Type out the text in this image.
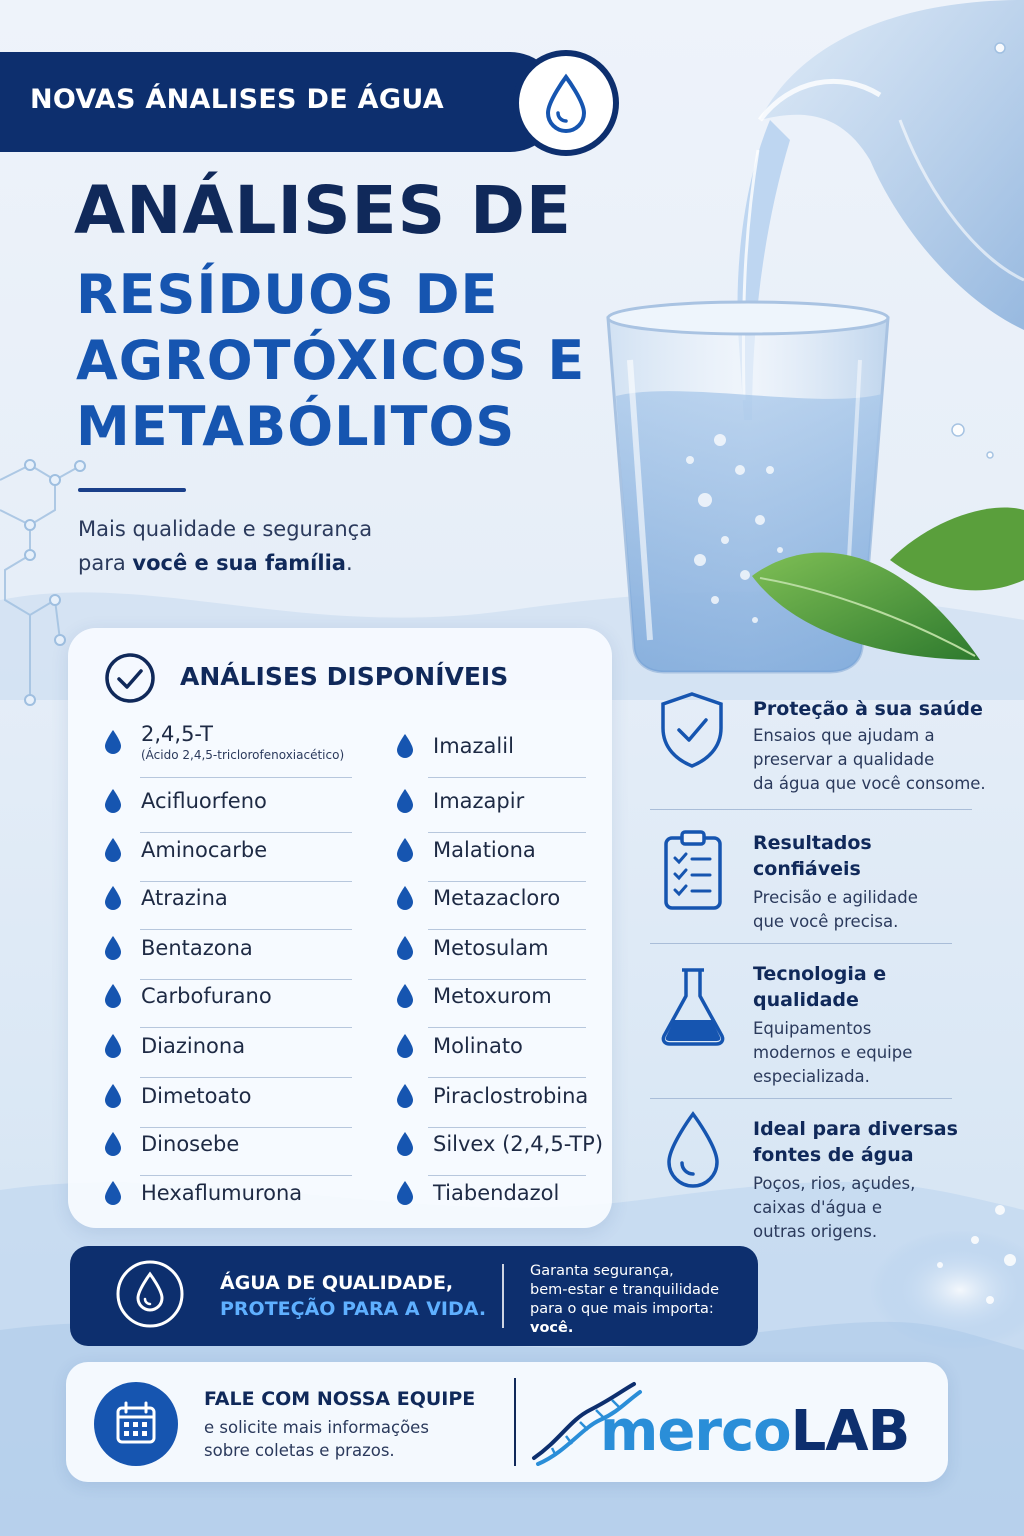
NOVAS ÁNALISES DE ÁGUA
ANÁLISES DE
RESÍDUOS DE
AGROTÓXICOS E
METABÓLITOS
Mais qualidade e segurança
para você e sua família.
ANÁLISES DISPONÍVEIS
2,4,5-T
(Ácido 2,4,5-triclorofenoxiacético)
Acifluorfeno
Aminocarbe
Atrazina
Bentazona
Carbofurano
Diazinona
Dimetoato
Dinosebe
Hexaflumurona
Imazalil
Imazapir
Malationa
Metazacloro
Metosulam
Metoxurom
Molinato
Piraclostrobina
Silvex (2,4,5-TP)
Tiabendazol
Proteção à sua saúde
Ensaios que ajudam a
preservar a qualidade
da água que você consome.
Resultados
confiáveis
Precisão e agilidade
que você precisa.
Tecnologia e
qualidade
Equipamentos
modernos e equipe
especializada.
Ideal para diversas
fontes de água
Poços, rios, açudes,
caixas d'água e
outras origens.
ÁGUA DE QUALIDADE,
PROTEÇÃO PARA A VIDA.
Garanta segurança,
bem-estar e tranquilidade
para o que mais importa:
você.
FALE COM NOSSA EQUIPE
e solicite mais informações
sobre coletas e prazos.	mercoLAB
